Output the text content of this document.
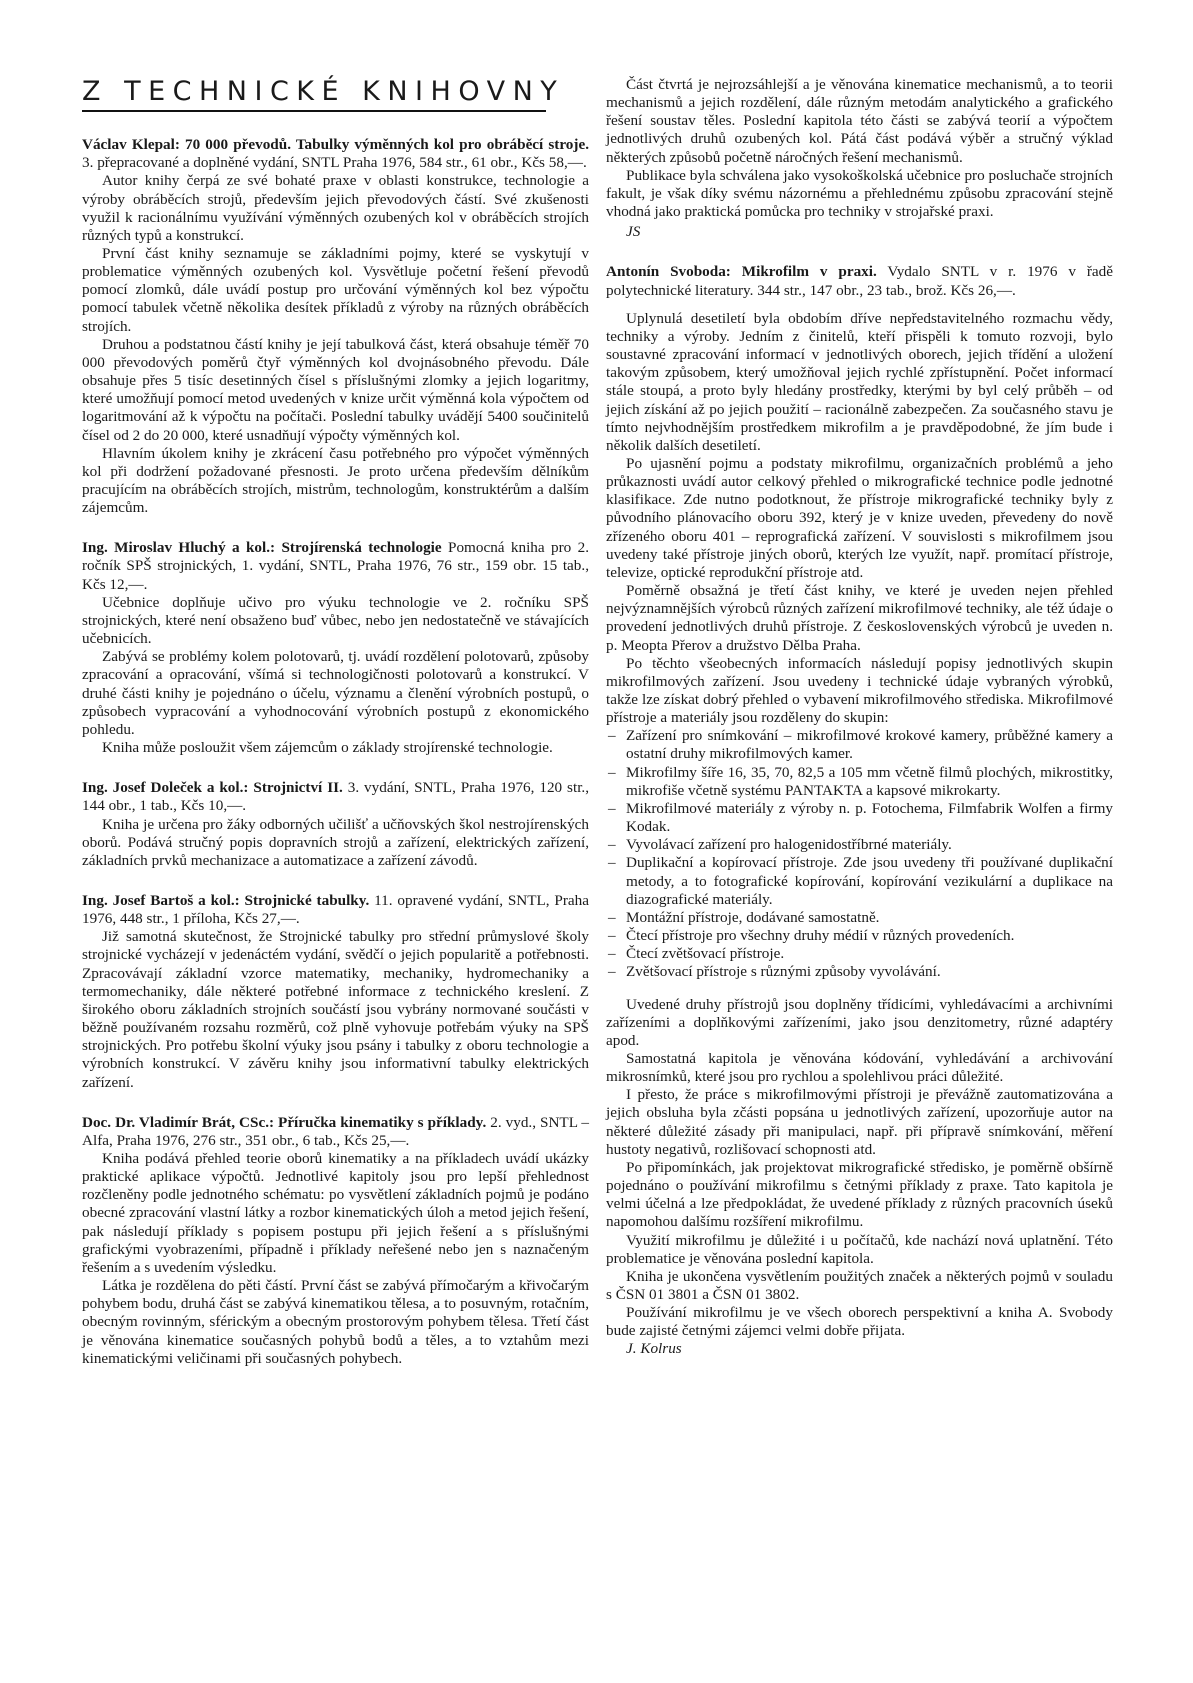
Z TECHNICKÉ KNIHOVNY

Václav Klepal: 70 000 převodů. Tabulky výměnných kol pro obráběcí stroje. 3. přepracované a doplněné vydání, SNTL Praha 1976, 584 str., 61 obr., Kčs 58,—.

Autor knihy čerpá ze své bohaté praxe v oblasti konstrukce, technologie a výroby obráběcích strojů, především jejich převodových částí. Své zkušenosti využil k racionálnímu využívání výměnných ozubených kol v obráběcích strojích různých typů a konstrukcí.

První část knihy seznamuje se základními pojmy, které se vyskytují v problematice výměnných ozubených kol. Vysvětluje početní řešení převodů pomocí zlomků, dále uvádí postup pro určování výměnných kol bez výpočtu pomocí tabulek včetně několika desítek příkladů z výroby na různých obráběcích strojích.

Druhou a podstatnou částí knihy je její tabulková část, která obsahuje téměř 70 000 převodových poměrů čtyř výměnných kol dvojnásobného převodu. Dále obsahuje přes 5 tisíc desetinných čísel s příslušnými zlomky a jejich logaritmy, které umožňují pomocí metod uvedených v knize určit výměnná kola výpočtem od logaritmování až k výpočtu na počítači. Poslední tabulky uvádějí 5400 součinitelů čísel od 2 do 20 000, které usnadňují výpočty výměnných kol.

Hlavním úkolem knihy je zkrácení času potřebného pro výpočet výměnných kol při dodržení požadované přesnosti. Je proto určena především dělníkům pracujícím na obráběcích strojích, mistrům, technologům, konstruktérům a dalším zájemcům.

Ing. Miroslav Hluchý a kol.: Strojírenská technologie Pomocná kniha pro 2. ročník SPŠ strojnických, 1. vydání, SNTL, Praha 1976, 76 str., 159 obr. 15 tab., Kčs 12,—.

Učebnice doplňuje učivo pro výuku technologie ve 2. ročníku SPŠ strojnických, které není obsaženo buď vůbec, nebo jen nedostatečně ve stávajících učebnicích.

Zabývá se problémy kolem polotovarů, tj. uvádí rozdělení polotovarů, způsoby zpracování a opracování, všímá si technologičnosti polotovarů a konstrukcí. V druhé části knihy je pojednáno o účelu, významu a členění výrobních postupů, o způsobech vypracování a vyhodnocování výrobních postupů z ekonomického pohledu.

Kniha může posloužit všem zájemcům o základy strojírenské technologie.

Ing. Josef Doleček a kol.: Strojnictví II. 3. vydání, SNTL, Praha 1976, 120 str., 144 obr., 1 tab., Kčs 10,—.

Kniha je určena pro žáky odborných učilišť a učňovských škol nestrojírenských oborů. Podává stručný popis dopravních strojů a zařízení, elektrických zařízení, základních prvků mechanizace a automatizace a zařízení závodů.

Ing. Josef Bartoš a kol.: Strojnické tabulky. 11. opravené vydání, SNTL, Praha 1976, 448 str., 1 příloha, Kčs 27,—.

Již samotná skutečnost, že Strojnické tabulky pro střední průmyslové školy strojnické vycházejí v jedenáctém vydání, svědčí o jejich popularitě a potřebnosti. Zpracovávají základní vzorce matematiky, mechaniky, hydromechaniky a termomechaniky, dále některé potřebné informace z technického kreslení. Z širokého oboru základních strojních součástí jsou vybrány normované součásti v běžně používaném rozsahu rozměrů, což plně vyhovuje potřebám výuky na SPŠ strojnických. Pro potřebu školní výuky jsou psány i tabulky z oboru technologie a výrobních konstrukcí. V závěru knihy jsou informativní tabulky elektrických zařízení.

Doc. Dr. Vladimír Brát, CSc.: Příručka kinematiky s příklady. 2. vyd., SNTL – Alfa, Praha 1976, 276 str., 351 obr., 6 tab., Kčs 25,—.

Kniha podává přehled teorie oborů kinematiky a na příkladech uvádí ukázky praktické aplikace výpočtů. Jednotlivé kapitoly jsou pro lepší přehlednost rozčleněny podle jednotného schématu: po vysvětlení základních pojmů je podáno obecné zpracování vlastní látky a rozbor kinematických úloh a metod jejich řešení, pak následují příklady s popisem postupu při jejich řešení a s příslušnými grafickými vyobrazeními, případně i příklady neřešené nebo jen s naznačeným řešením a s uvedením výsledku.

Látka je rozdělena do pěti částí. První část se zabývá přímočarým a křivočarým pohybem bodu, druhá část se zabývá kinematikou tělesa, a to posuvným, rotačním, obecným rovinným, sférickým a obecným prostorovým pohybem tělesa. Třetí část je věnována kinematice současných pohybů bodů a těles, a to vztahům mezi kinematickými veličinami při současných pohybech.

Část čtvrtá je nejrozsáhlejší a je věnována kinematice mechanismů, a to teorii mechanismů a jejich rozdělení, dále různým metodám analytického a grafického řešení soustav těles. Poslední kapitola této části se zabývá teorií a výpočtem jednotlivých druhů ozubených kol. Pátá část podává výběr a stručný výklad některých způsobů početně náročných řešení mechanismů.

Publikace byla schválena jako vysokoškolská učebnice pro posluchače strojních fakult, je však díky svému názornému a přehlednému způsobu zpracování stejně vhodná jako praktická pomůcka pro techniky v strojařské praxi.

JS

Antonín Svoboda: Mikrofilm v praxi. Vydalo SNTL v r. 1976 v řadě polytechnické literatury. 344 str., 147 obr., 23 tab., brož. Kčs 26,—.

Uplynulá desetiletí byla obdobím dříve nepředstavitelného rozmachu vědy, techniky a výroby. Jedním z činitelů, kteří přispěli k tomuto rozvoji, bylo soustavné zpracování informací v jednotlivých oborech, jejich třídění a uložení takovým způsobem, který umožňoval jejich rychlé zpřístupnění. Počet informací stále stoupá, a proto byly hledány prostředky, kterými by byl celý průběh – od jejich získání až po jejich použití – racionálně zabezpečen. Za současného stavu je tímto nejvhodnějším prostředkem mikrofilm a je pravděpodobné, že jím bude i několik dalších desetiletí.

Po ujasnění pojmu a podstaty mikrofilmu, organizačních problémů a jeho průkaznosti uvádí autor celkový přehled o mikrografické technice podle jednotné klasifikace. Zde nutno podotknout, že přístroje mikrografické techniky byly z původního plánovacího oboru 392, který je v knize uveden, převedeny do nově zřízeného oboru 401 – reprografická zařízení. V souvislosti s mikrofilmem jsou uvedeny také přístroje jiných oborů, kterých lze využít, např. promítací přístroje, televize, optické reprodukční přístroje atd.

Poměrně obsažná je třetí část knihy, ve které je uveden nejen přehled nejvýznamnějších výrobců různých zařízení mikrofilmové techniky, ale též údaje o provedení jednotlivých druhů přístroje. Z československých výrobců je uveden n. p. Meopta Přerov a družstvo Dělba Praha.

Po těchto všeobecných informacích následují popisy jednotlivých skupin mikrofilmových zařízení. Jsou uvedeny i technické údaje vybraných výrobků, takže lze získat dobrý přehled o vybavení mikrofilmového střediska. Mikrofilmové přístroje a materiály jsou rozděleny do skupin:

– Zařízení pro snímkování – mikrofilmové krokové kamery, průběžné kamery a ostatní druhy mikrofilmových kamer.
– Mikrofilmy šíře 16, 35, 70, 82,5 a 105 mm včetně filmů plochých, mikrostitky, mikrofiše včetně systému PANTAKTA a kapsové mikrokarty.
– Mikrofilmové materiály z výroby n. p. Fotochema, Filmfabrik Wolfen a firmy Kodak.
– Vyvolávací zařízení pro halogenidostříbrné materiály.
– Duplikační a kopírovací přístroje. Zde jsou uvedeny tři používané duplikační metody, a to fotografické kopírování, kopírování vezikulární a duplikace na diazografické materiály.
– Montážní přístroje, dodávané samostatně.
– Čtecí přístroje pro všechny druhy médií v různých provedeních.
– Čtecí zvětšovací přístroje.
– Zvětšovací přístroje s různými způsoby vyvolávání.

Uvedené druhy přístrojů jsou doplněny třídicími, vyhledávacími a archivními zařízeními a doplňkovými zařízeními, jako jsou denzitometry, různé adaptéry apod.

Samostatná kapitola je věnována kódování, vyhledávání a archivování mikrosnímků, které jsou pro rychlou a spolehlivou práci důležité.

I přesto, že práce s mikrofilmovými přístroji je převážně zautomatizována a jejich obsluha byla zčásti popsána u jednotlivých zařízení, upozorňuje autor na některé důležité zásady při manipulaci, např. při přípravě snímkování, měření hustoty negativů, rozlišovací schopnosti atd.

Po připomínkách, jak projektovat mikrografické středisko, je poměrně obšírně pojednáno o používání mikrofilmu s četnými příklady z praxe. Tato kapitola je velmi účelná a lze předpokládat, že uvedené příklady z různých pracovních úseků napomohou dalšímu rozšíření mikrofilmu.

Využití mikrofilmu je důležité i u počítačů, kde nachází nová uplatnění. Této problematice je věnována poslední kapitola.

Kniha je ukončena vysvětlením použitých značek a některých pojmů v souladu s ČSN 01 3801 a ČSN 01 3802.

Používání mikrofilmu je ve všech oborech perspektivní a kniha A. Svobody bude zajisté četnými zájemci velmi dobře přijata.

J. Kolrus
